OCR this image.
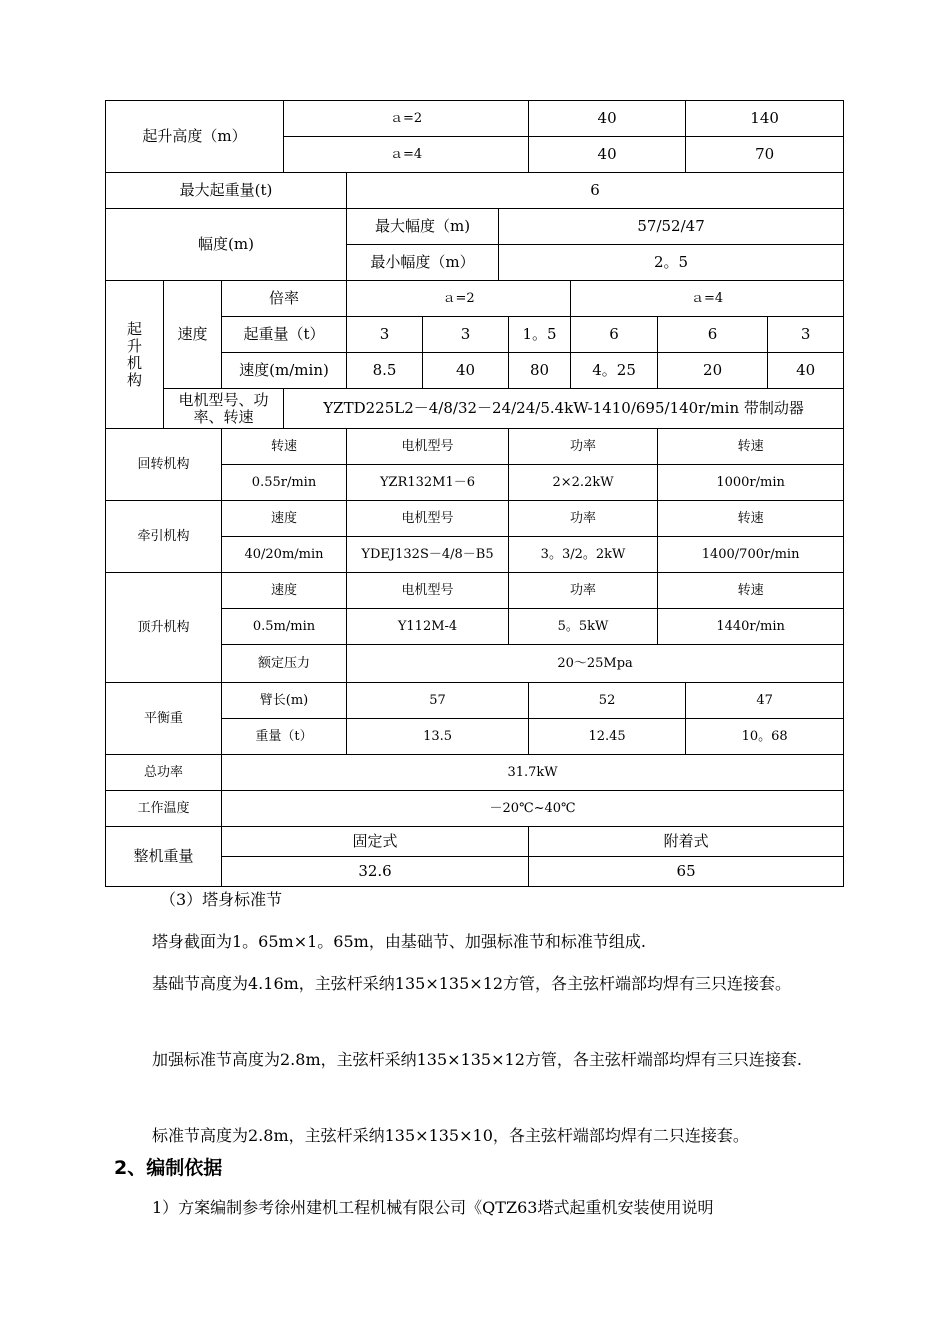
起升高度（m）			ａ=2					40			140	
			ａ=4					40			70	
最大起重量(t)				6								
幅度(m)				最大幅度（m)		57/52/47						
				最小幅度（m）		2。5						

起
升
机
构	速度	倍率		ａ=2					ａ=4			
		起重量（t）		3	3		1。5		6	6		3
		速度(m/min)		8.5	40		80		4。25	20		40
	电机型号、功率、转速		YZTD225L2－4/8/32－24/24/5.4kW-1410/695/140r/min 带制动器									
回转机构		转速		电机型号			功率			转速		
		0.55r/min		YZR132M1－6			2×2.2kW			1000r/min		
牵引机构		速度		电机型号			功率			转速		
		40/20m/min		YDEJ132S－4/8－B5			3。3/2。2kW			1400/700r/min		
顶升机构		速度		电机型号			功率			转速		
		0.5m/min		Y112M-4			5。5kW			1440r/min		
		额定压力		20～25Mpa								
平衡重		臂长(m)		57				52			47	
		重量（t）		13.5				12.45			10。68	
总功率		31.7kW										
工作温度		－20℃~40℃										
整机重量		固定式						附着式				
		32.6						65				

（3）塔身标准节

塔身截面为1。65m×1。65m，由基础节、加强标准节和标准节组成.

基础节高度为4.16m，主弦杆采纳135×135×12方管，各主弦杆端部均焊有三只连接套。

加强标准节高度为2.8m，主弦杆采纳135×135×12方管，各主弦杆端部均焊有三只连接套.

标准节高度为2.8m，主弦杆采纳135×135×10，各主弦杆端部均焊有二只连接套。

2、编制依据

1）方案编制参考徐州建机工程机械有限公司《QTZ63塔式起重机安装使用说明
